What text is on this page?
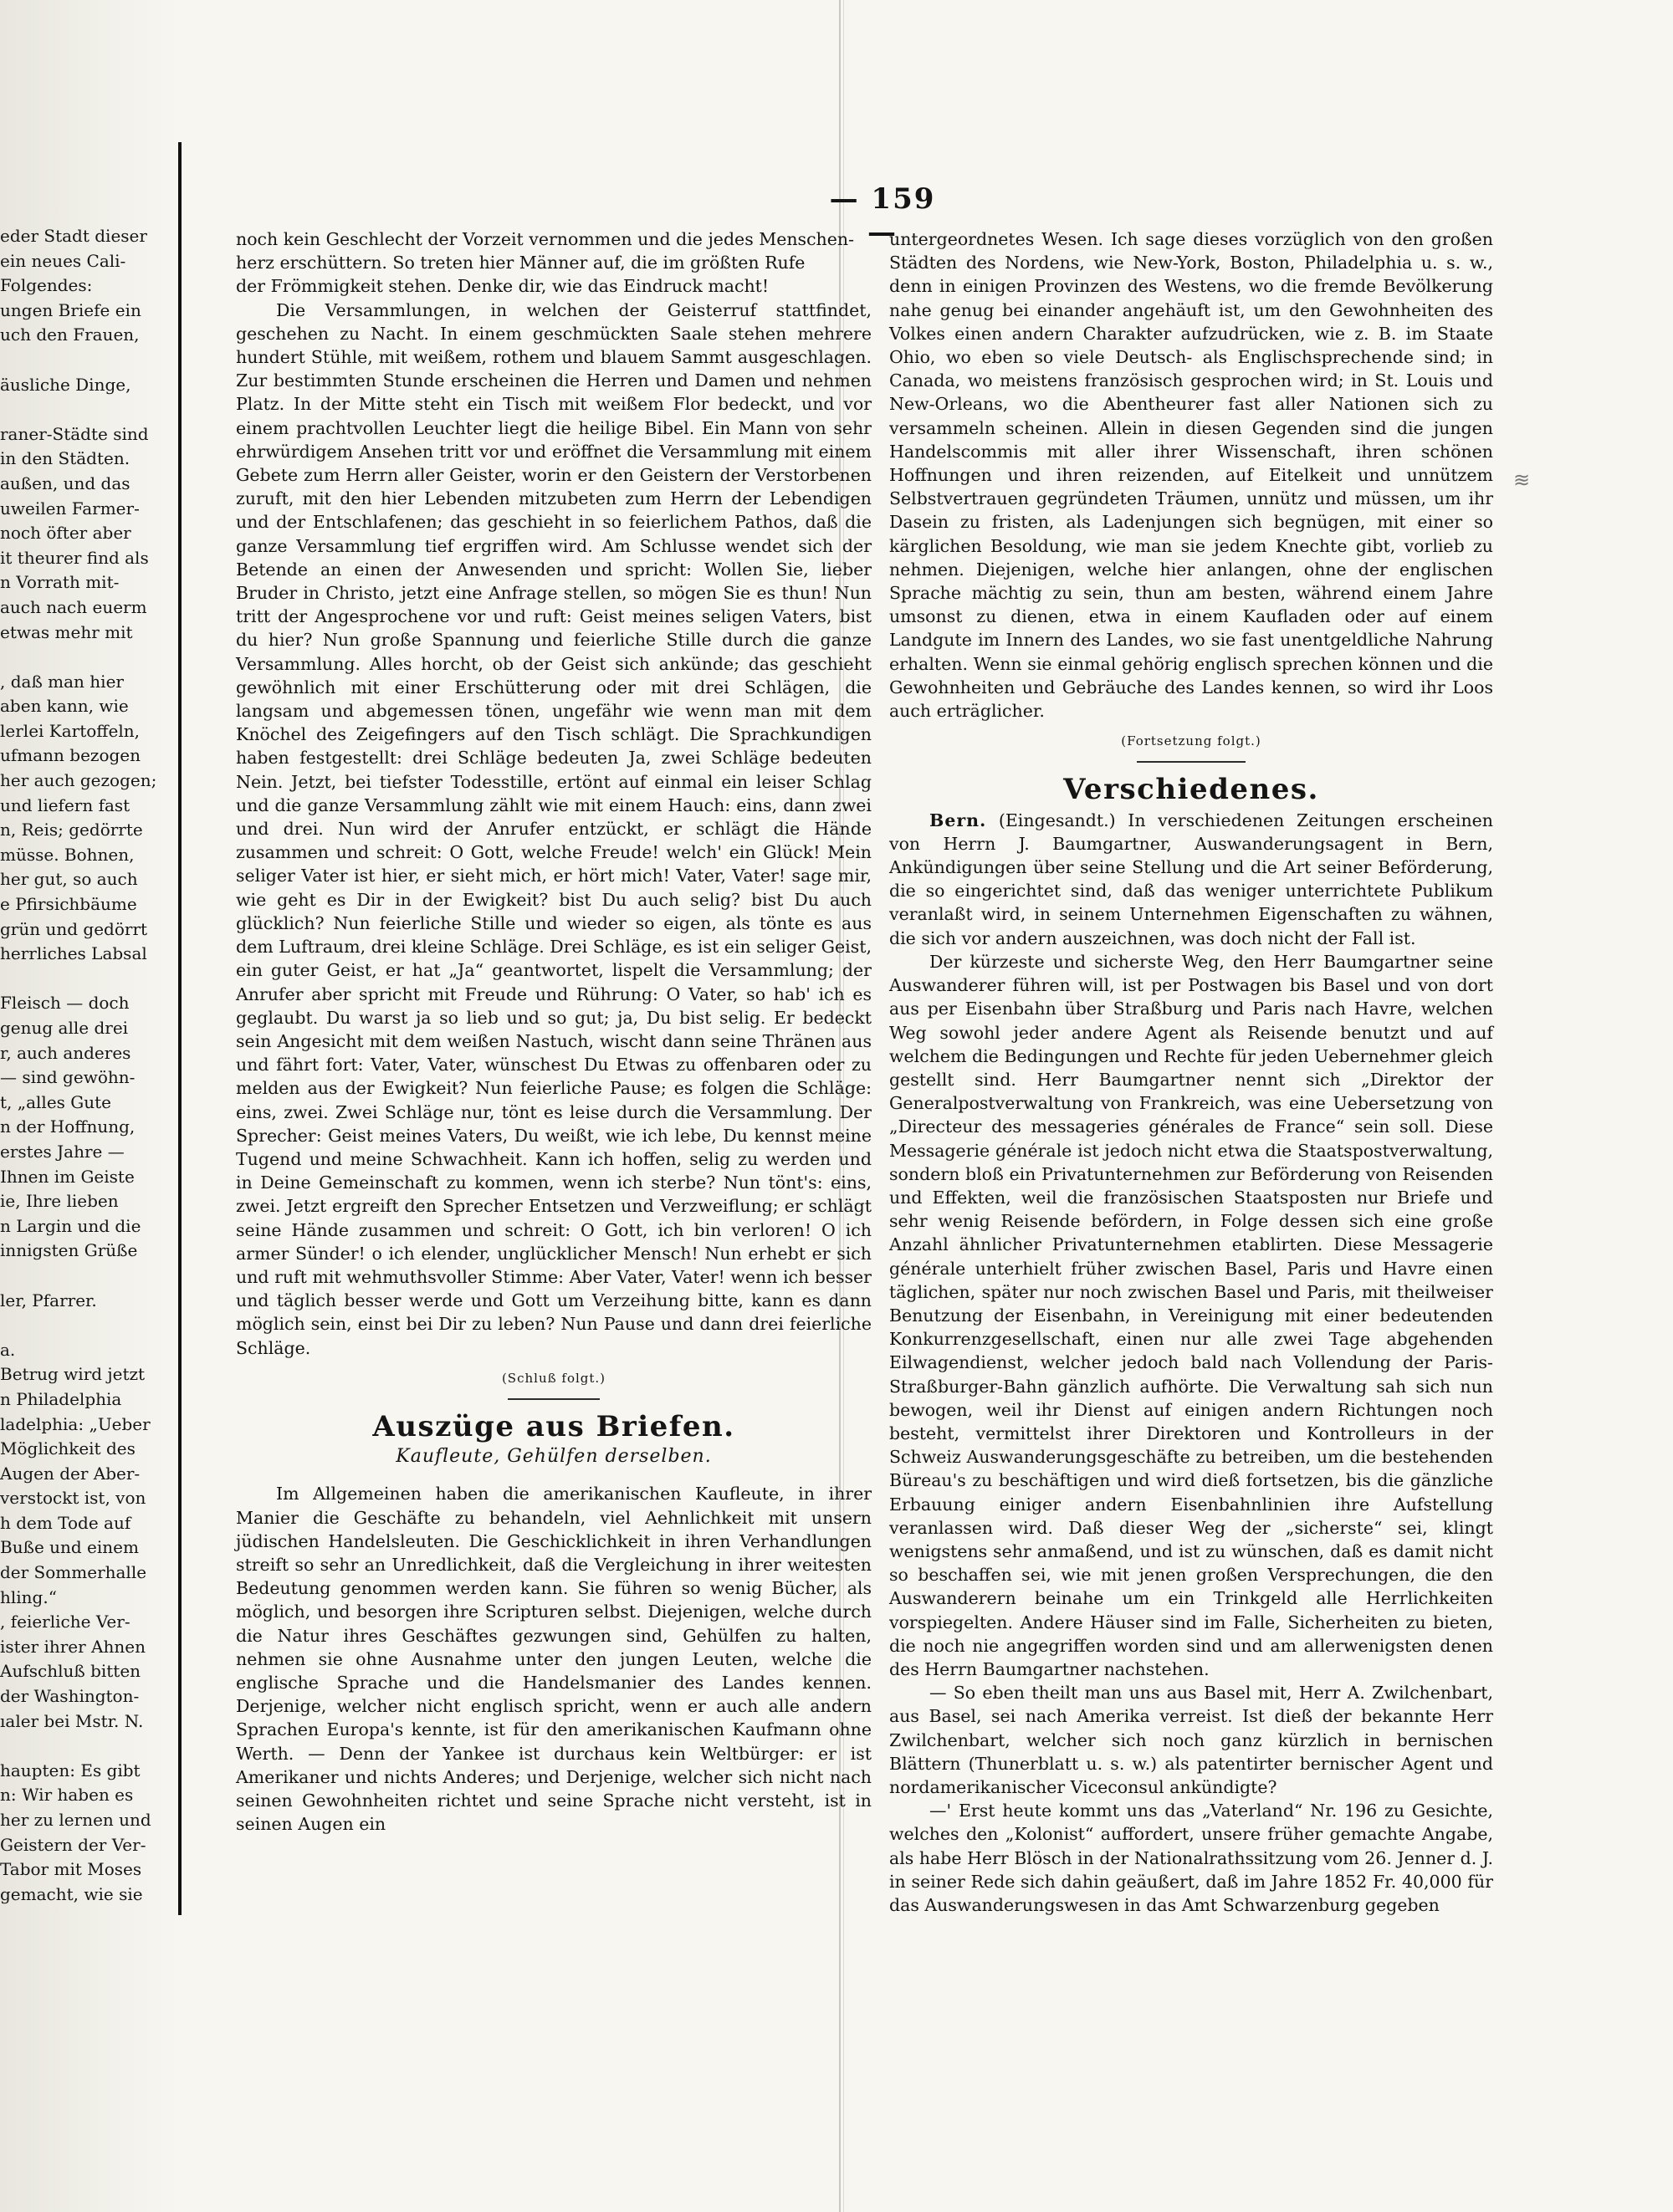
— 159 —
eder Stadt dieser
ein neues Cali-
Folgendes:
ungen Briefe ein
uch den Frauen,

äusliche Dinge,

raner-Städte sind
in den Städten.
außen, und das
uweilen Farmer-
noch öfter aber
it theurer find als
n Vorrath mit-
auch nach euerm
etwas mehr mit

, daß man hier
aben kann, wie
lerlei Kartoffeln,
ufmann bezogen
her auch gezogen;
und liefern fast
n, Reis; gedörrte
müsse. Bohnen,
her gut, so auch
e Pfirsichbäume
grün und gedörrt
herrliches Labsal

Fleisch — doch
genug alle drei
r, auch anderes
— sind gewöhn-
t, „alles Gute
n der Hoffnung,
erstes Jahre —
Ihnen im Geiste
ie, Ihre lieben
n Largin und die
innigsten Grüße

ler, Pfarrer.

a.
Betrug wird jetzt
n Philadelphia
ladelphia: „Ueber
Möglichkeit des
Augen der Aber-
verstockt ist, von
h dem Tode auf
Buße und einem
der Sommerhalle
hling.“
, feierliche Ver-
ister ihrer Ahnen
Aufschluß bitten
der Washington-
ıaler bei Mstr. N.

haupten: Es gibt
n: Wir haben es
her zu lernen und
Geistern der Ver-
Tabor mit Moses
gemacht, wie sie
noch kein Geschlecht der Vorzeit vernommen und die jedes Menschen-
herz erschüttern. So treten hier Männer auf, die im größten Rufe
der Frömmigkeit stehen. Denke dir, wie das Eindruck macht!
Die Versammlungen, in welchen der Geisterruf stattfindet, geschehen zu Nacht. In einem geschmückten Saale stehen mehrere hundert Stühle, mit weißem, rothem und blauem Sammt ausgeschlagen. Zur bestimmten Stunde erscheinen die Herren und Damen und nehmen Platz. In der Mitte steht ein Tisch mit weißem Flor bedeckt, und vor einem prachtvollen Leuchter liegt die heilige Bibel. Ein Mann von sehr ehrwürdigem Ansehen tritt vor und eröffnet die Versammlung mit einem Gebete zum Herrn aller Geister, worin er den Geistern der Verstorbenen zuruft, mit den hier Lebenden mitzubeten zum Herrn der Lebendigen und der Entschlafenen; das geschieht in so feierlichem Pathos, daß die ganze Versammlung tief ergriffen wird. Am Schlusse wendet sich der Betende an einen der Anwesenden und spricht: Wollen Sie, lieber Bruder in Christo, jetzt eine Anfrage stellen, so mögen Sie es thun! Nun tritt der Angesprochene vor und ruft: Geist meines seligen Vaters, bist du hier? Nun große Spannung und feierliche Stille durch die ganze Versammlung. Alles horcht, ob der Geist sich ankünde; das geschieht gewöhnlich mit einer Erschütterung oder mit drei Schlägen, die langsam und abgemessen tönen, ungefähr wie wenn man mit dem Knöchel des Zeigefingers auf den Tisch schlägt. Die Sprachkundigen haben festgestellt: drei Schläge bedeuten Ja, zwei Schläge bedeuten Nein. Jetzt, bei tiefster Todesstille, ertönt auf einmal ein leiser Schlag und die ganze Versammlung zählt wie mit einem Hauch: eins, dann zwei und drei. Nun wird der Anrufer entzückt, er schlägt die Hände zusammen und schreit: O Gott, welche Freude! welch' ein Glück! Mein seliger Vater ist hier, er sieht mich, er hört mich! Vater, Vater! sage mir, wie geht es Dir in der Ewigkeit? bist Du auch selig? bist Du auch glücklich? Nun feierliche Stille und wieder so eigen, als tönte es aus dem Luftraum, drei kleine Schläge. Drei Schläge, es ist ein seliger Geist, ein guter Geist, er hat „Ja“ geantwortet, lispelt die Versammlung; der Anrufer aber spricht mit Freude und Rührung: O Vater, so hab' ich es geglaubt. Du warst ja so lieb und so gut; ja, Du bist selig. Er bedeckt sein Angesicht mit dem weißen Nastuch, wischt dann seine Thränen aus und fährt fort: Vater, Vater, wünschest Du Etwas zu offenbaren oder zu melden aus der Ewigkeit? Nun feierliche Pause; es folgen die Schläge: eins, zwei. Zwei Schläge nur, tönt es leise durch die Versammlung. Der Sprecher: Geist meines Vaters, Du weißt, wie ich lebe, Du kennst meine Tugend und meine Schwachheit. Kann ich hoffen, selig zu werden und in Deine Gemeinschaft zu kommen, wenn ich sterbe? Nun tönt's: eins, zwei. Jetzt ergreift den Sprecher Entsetzen und Verzweiflung; er schlägt seine Hände zusammen und schreit: O Gott, ich bin verloren! O ich armer Sünder! o ich elender, unglücklicher Mensch! Nun erhebt er sich und ruft mit wehmuthsvoller Stimme: Aber Vater, Vater! wenn ich besser und täglich besser werde und Gott um Verzeihung bitte, kann es dann möglich sein, einst bei Dir zu leben? Nun Pause und dann drei feierliche Schläge.
(Schluß folgt.)
Auszüge aus Briefen.
Kaufleute, Gehülfen derselben.
Im Allgemeinen haben die amerikanischen Kaufleute, in ihrer Manier die Geschäfte zu behandeln, viel Aehnlichkeit mit unsern jüdischen Handelsleuten. Die Geschicklichkeit in ihren Verhandlungen streift so sehr an Unredlichkeit, daß die Vergleichung in ihrer weitesten Bedeutung genommen werden kann. Sie führen so wenig Bücher, als möglich, und besorgen ihre Scripturen selbst. Diejenigen, welche durch die Natur ihres Geschäftes gezwungen sind, Gehülfen zu halten, nehmen sie ohne Ausnahme unter den jungen Leuten, welche die englische Sprache und die Handelsmanier des Landes kennen. Derjenige, welcher nicht englisch spricht, wenn er auch alle andern Sprachen Europa's kennte, ist für den amerikanischen Kaufmann ohne Werth. — Denn der Yankee ist durchaus kein Weltbürger: er ist Amerikaner und nichts Anderes; und Derjenige, welcher sich nicht nach seinen Gewohnheiten richtet und seine Sprache nicht versteht, ist in seinen Augen ein
untergeordnetes Wesen. Ich sage dieses vorzüglich von den großen Städten des Nordens, wie New-York, Boston, Philadelphia u. s. w., denn in einigen Provinzen des Westens, wo die fremde Bevölkerung nahe genug bei einander angehäuft ist, um den Gewohnheiten des Volkes einen andern Charakter aufzudrücken, wie z. B. im Staate Ohio, wo eben so viele Deutsch- als Englischsprechende sind; in Canada, wo meistens französisch gesprochen wird; in St. Louis und New-Orleans, wo die Abentheurer fast aller Nationen sich zu versammeln scheinen. Allein in diesen Gegenden sind die jungen Handelscommis mit aller ihrer Wissenschaft, ihren schönen Hoffnungen und ihren reizenden, auf Eitelkeit und unnützem Selbstvertrauen gegründeten Träumen, unnütz und müssen, um ihr Dasein zu fristen, als Ladenjungen sich begnügen, mit einer so kärglichen Besoldung, wie man sie jedem Knechte gibt, vorlieb zu nehmen. Diejenigen, welche hier anlangen, ohne der englischen Sprache mächtig zu sein, thun am besten, während einem Jahre umsonst zu dienen, etwa in einem Kaufladen oder auf einem Landgute im Innern des Landes, wo sie fast unentgeldliche Nahrung erhalten. Wenn sie einmal gehörig englisch sprechen können und die Gewohnheiten und Gebräuche des Landes kennen, so wird ihr Loos auch erträglicher.
(Fortsetzung folgt.)
Verschiedenes.
Bern. (Eingesandt.) In verschiedenen Zeitungen erscheinen von Herrn J. Baumgartner, Auswanderungsagent in Bern, Ankündigungen über seine Stellung und die Art seiner Beförderung, die so eingerichtet sind, daß das weniger unterrichtete Publikum veranlaßt wird, in seinem Unternehmen Eigenschaften zu wähnen, die sich vor andern auszeichnen, was doch nicht der Fall ist.
Der kürzeste und sicherste Weg, den Herr Baumgartner seine Auswanderer führen will, ist per Postwagen bis Basel und von dort aus per Eisenbahn über Straßburg und Paris nach Havre, welchen Weg sowohl jeder andere Agent als Reisende benutzt und auf welchem die Bedingungen und Rechte für jeden Uebernehmer gleich gestellt sind. Herr Baumgartner nennt sich „Direktor der Generalpostverwaltung von Frankreich, was eine Uebersetzung von „Directeur des messageries générales de France“ sein soll. Diese Messagerie générale ist jedoch nicht etwa die Staatspostverwaltung, sondern bloß ein Privatunternehmen zur Beförderung von Reisenden und Effekten, weil die französischen Staatsposten nur Briefe und sehr wenig Reisende befördern, in Folge dessen sich eine große Anzahl ähnlicher Privatunternehmen etablirten. Diese Messagerie générale unterhielt früher zwischen Basel, Paris und Havre einen täglichen, später nur noch zwischen Basel und Paris, mit theilweiser Benutzung der Eisenbahn, in Vereinigung mit einer bedeutenden Konkurrenzgesellschaft, einen nur alle zwei Tage abgehenden Eilwagendienst, welcher jedoch bald nach Vollendung der Paris-Straßburger-Bahn gänzlich aufhörte. Die Verwaltung sah sich nun bewogen, weil ihr Dienst auf einigen andern Richtungen noch besteht, vermittelst ihrer Direktoren und Kontrolleurs in der Schweiz Auswanderungsgeschäfte zu betreiben, um die bestehenden Büreau's zu beschäftigen und wird dieß fortsetzen, bis die gänzliche Erbauung einiger andern Eisenbahnlinien ihre Aufstellung veranlassen wird. Daß dieser Weg der „sicherste“ sei, klingt wenigstens sehr anmaßend, und ist zu wünschen, daß es damit nicht so beschaffen sei, wie mit jenen großen Versprechungen, die den Auswanderern beinahe um ein Trinkgeld alle Herrlichkeiten vorspiegelten. Andere Häuser sind im Falle, Sicherheiten zu bieten, die noch nie angegriffen worden sind und am allerwenigsten denen des Herrn Baumgartner nachstehen.
— So eben theilt man uns aus Basel mit, Herr A. Zwilchenbart, aus Basel, sei nach Amerika verreist. Ist dieß der bekannte Herr Zwilchenbart, welcher sich noch ganz kürzlich in bernischen Blättern (Thunerblatt u. s. w.) als patentirter bernischer Agent und nordamerikanischer Viceconsul ankündigte?
—' Erst heute kommt uns das „Vaterland“ Nr. 196 zu Gesichte, welches den „Kolonist“ auffordert, unsere früher gemachte Angabe, als habe Herr Blösch in der Nationalrathssitzung vom 26. Jenner d. J. in seiner Rede sich dahin geäußert, daß im Jahre 1852 Fr. 40,000 für das Auswanderungswesen in das Amt Schwarzenburg gegeben
≋
